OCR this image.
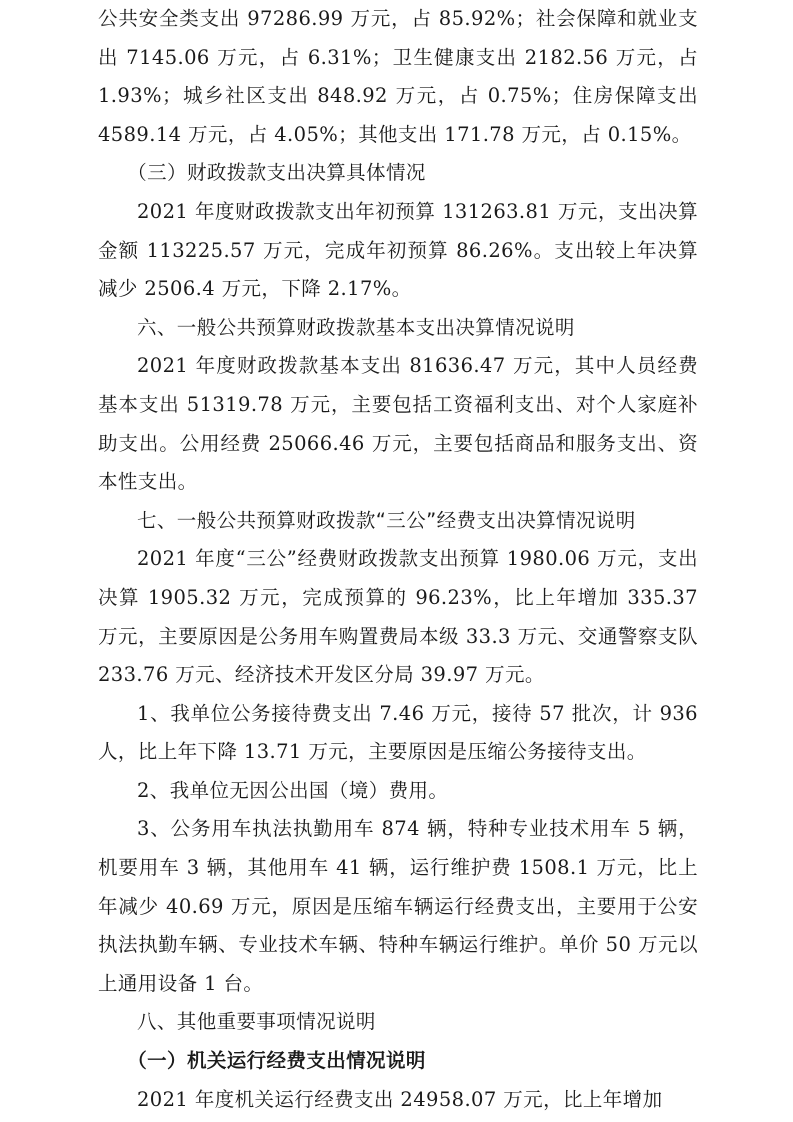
公共安全类支出 97286.99 万元，占 85.92%；社会保障和就业支出 7145.06 万元，占 6.31%；卫生健康支出 2182.56 万元，占 1.93%；城乡社区支出 848.92 万元，占 0.75%；住房保障支出 4589.14 万元，占 4.05%；其他支出 171.78 万元，占 0.15%。

（三）财政拨款支出决算具体情况

2021 年度财政拨款支出年初预算 131263.81 万元，支出决算金额 113225.57 万元，完成年初预算 86.26%。支出较上年决算减少 2506.4 万元，下降 2.17%。

六、一般公共预算财政拨款基本支出决算情况说明

2021 年度财政拨款基本支出 81636.47 万元，其中人员经费基本支出 51319.78 万元，主要包括工资福利支出、对个人家庭补助支出。公用经费 25066.46 万元，主要包括商品和服务支出、资本性支出。

七、一般公共预算财政拨款“三公”经费支出决算情况说明

2021 年度“三公”经费财政拨款支出预算 1980.06 万元，支出决算 1905.32 万元，完成预算的 96.23%，比上年增加 335.37 万元，主要原因是公务用车购置费局本级 33.3 万元、交通警察支队 233.76 万元、经济技术开发区分局 39.97 万元。

1、我单位公务接待费支出 7.46 万元，接待 57 批次，计 936 人，比上年下降 13.71 万元，主要原因是压缩公务接待支出。

2、我单位无因公出国（境）费用。

3、公务用车执法执勤用车 874 辆，特种专业技术用车 5 辆，机要用车 3 辆，其他用车 41 辆，运行维护费 1508.1 万元，比上年减少 40.69 万元，原因是压缩车辆运行经费支出，主要用于公安执法执勤车辆、专业技术车辆、特种车辆运行维护。单价 50 万元以上通用设备 1 台。

八、其他重要事项情况说明

（一）机关运行经费支出情况说明

2021 年度机关运行经费支出 24958.07 万元，比上年增加
